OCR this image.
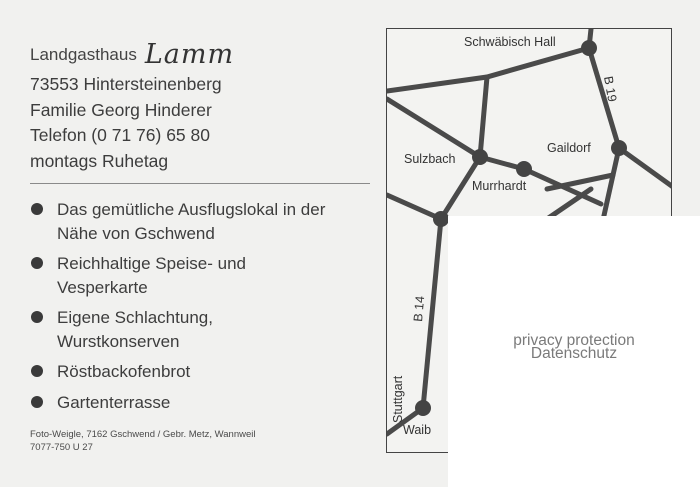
Landgasthaus Lamm
73553 Hintersteinenberg
Familie Georg Hinderer
Telefon (0 71 76) 65 80
montags Ruhetag
Das gemütliche Ausflugslokal in der
Nähe von Gschwend
Reichhaltige Speise- und
Vesperkarte
Eigene Schlachtung,
Wurstkonserven
Röstbackofenbrot
Gartenterrasse
Foto-Weigle, 7162 Gschwend / Gebr. Metz, Wannweil
7077-750 U 27
Schwäbisch Hall
Gaildorf
Sulzbach
Murrhardt
Waib
B 19
B 14
Stuttgart
privacy protection
Datenschutz
